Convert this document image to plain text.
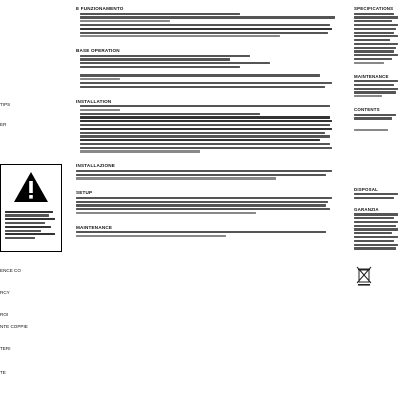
TIPS
ER
ENCE CO
RCY
ROI
NTE COPPIE
TERI
TE
E FUNZIONAMENTO
BASE OPERATION
INSTALLATION
INSTALLAZIONE
SETUP
MAINTENANCE
SPECIFICATIONS
MAINTENANCE
CONTENTS
DISPOSAL
GARANZIA
